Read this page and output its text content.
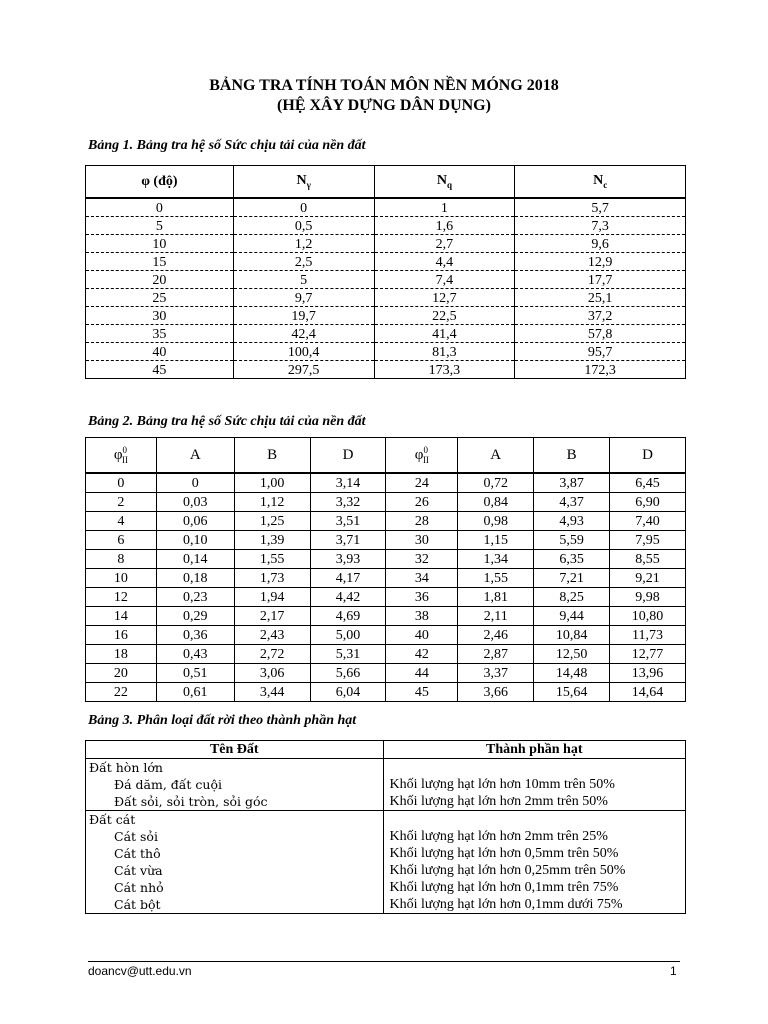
BẢNG TRA TÍNH TOÁN MÔN NỀN MÓNG 2018
(HỆ XÂY DỰNG DÂN DỤNG)
Bảng 1. Bảng tra hệ số Sức chịu tải của nền đất
φ (độ)	$N_\gamma$	$N_q$	$N_c$
0	0	1	5,7
5	0,5	1,6	7,3
10	1,2	2,7	9,6
15	2,5	4,4	12,9
20	5	7,4	17,7
25	9,7	12,7	25,1
30	19,7	22,5	37,2
35	42,4	41,4	57,8
40	100,4	81,3	95,7
45	297,5	173,3	172,3
Bảng 2. Bảng tra hệ số Sức chịu tải của nền đất
$\varphi^0_{II}$	A	B	D	$\varphi^0_{II}$	A	B	D
0	0	1,00	3,14	24	0,72	3,87	6,45
2	0,03	1,12	3,32	26	0,84	4,37	6,90
4	0,06	1,25	3,51	28	0,98	4,93	7,40
6	0,10	1,39	3,71	30	1,15	5,59	7,95
8	0,14	1,55	3,93	32	1,34	6,35	8,55
10	0,18	1,73	4,17	34	1,55	7,21	9,21
12	0,23	1,94	4,42	36	1,81	8,25	9,98
14	0,29	2,17	4,69	38	2,11	9,44	10,80
16	0,36	2,43	5,00	40	2,46	10,84	11,73
18	0,43	2,72	5,31	42	2,87	12,50	12,77
20	0,51	3,06	5,66	44	3,37	14,48	13,96
22	0,61	3,44	6,04	45	3,66	15,64	14,64
Bảng 3. Phân loại đất rời theo thành phần hạt
Tên Đất	Thành phần hạt
Đất hòn lớn	
Đá dăm, đất cuội	Khối lượng hạt lớn hơn 10mm trên 50%
Đất sỏi, sỏi tròn, sỏi góc	Khối lượng hạt lớn hơn 2mm trên 50%
Đất cát	
Cát sỏi	Khối lượng hạt lớn hơn 2mm trên 25%
Cát thô	Khối lượng hạt lớn hơn 0,5mm trên 50%
Cát vừa	Khối lượng hạt lớn hơn 0,25mm trên 50%
Cát nhỏ	Khối lượng hạt lớn hơn 0,1mm trên 75%
Cát bột	Khối lượng hạt lớn hơn 0,1mm dưới 75%
doancv@utt.edu.vn	1
